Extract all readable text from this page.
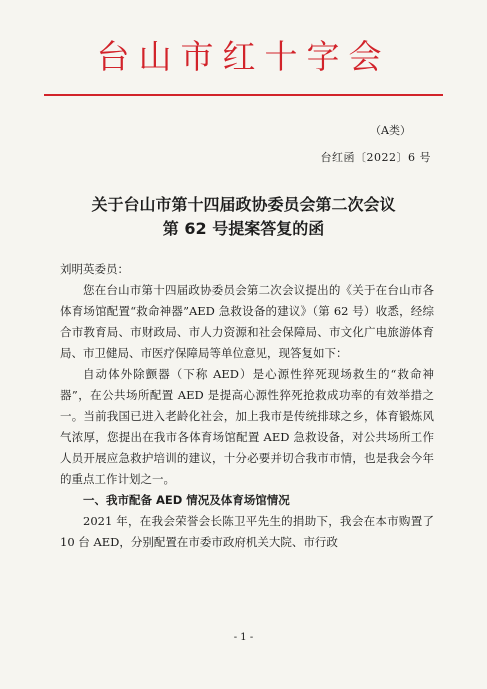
台山市红十字会
（A类）
台红函〔2022〕6 号
关于台山市第十四届政协委员会第二次会议
第 62 号提案答复的函

刘明英委员：

您在台山市第十四届政协委员会第二次会议提出的《关于在台山市各体育场馆配置“救命神器”AED 急救设备的建议》（第 62 号）收悉，经综合市教育局、市财政局、市人力资源和社会保障局、市文化广电旅游体育局、市卫健局、市医疗保障局等单位意见，现答复如下：

自动体外除颤器（下称 AED）是心源性猝死现场救生的“救命神器”，在公共场所配置 AED 是提高心源性猝死抢救成功率的有效举措之一。当前我国已进入老龄化社会，加上我市是传统排球之乡，体育锻炼风气浓厚，您提出在我市各体育场馆配置 AED 急救设备，对公共场所工作人员开展应急救护培训的建议，十分必要并切合我市市情，也是我会今年的重点工作计划之一。

一、我市配备 AED 情况及体育场馆情况

2021 年，在我会荣誉会长陈卫平先生的捐助下，我会在本市购置了 10 台 AED，分别配置在市委市政府机关大院、市行政

- 1 -
